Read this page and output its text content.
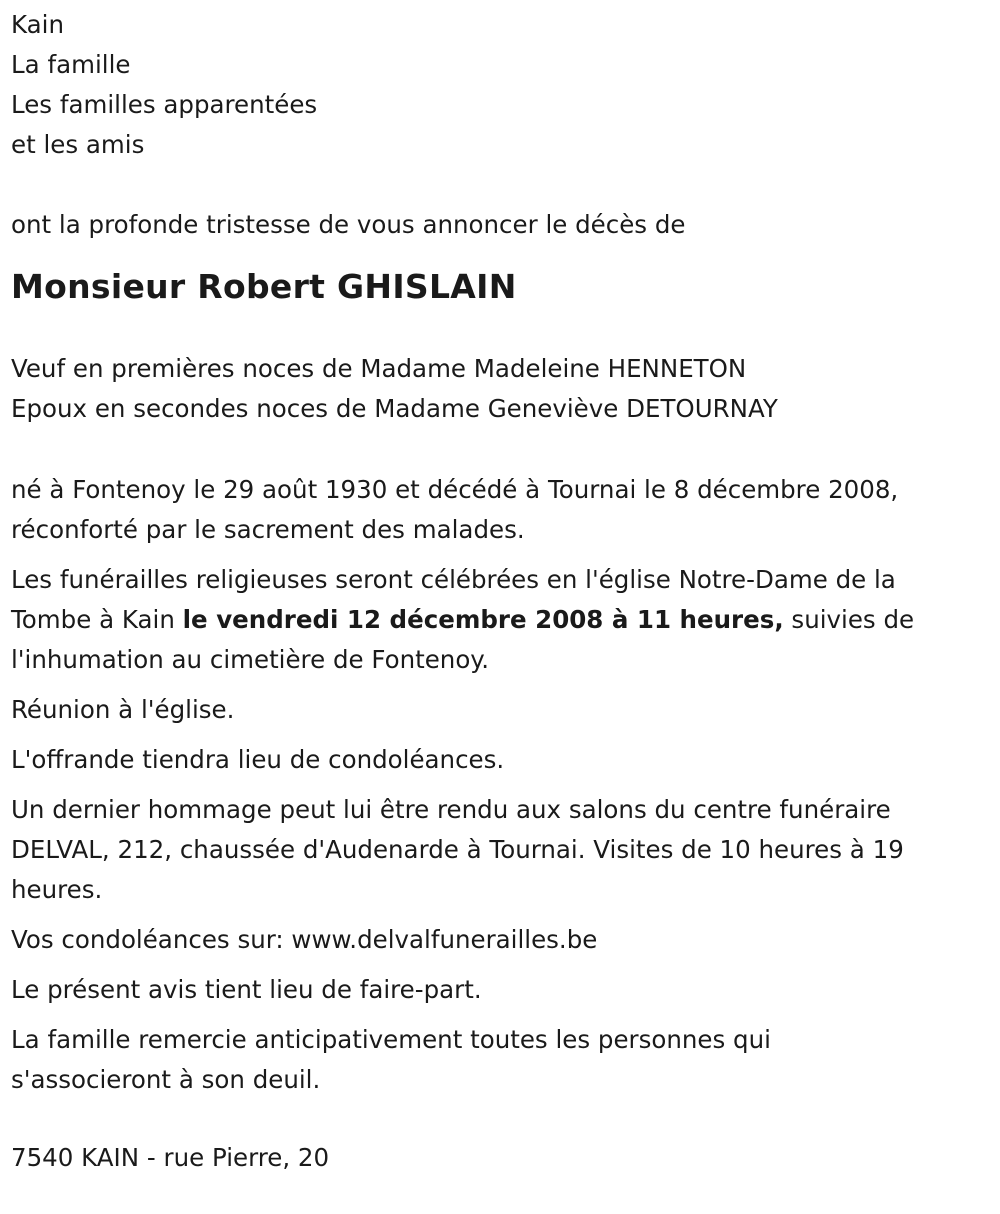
Kain
La famille
Les familles apparentées
et les amis
ont la profonde tristesse de vous annoncer le décès de
Monsieur Robert GHISLAIN
Veuf en premières noces de Madame Madeleine HENNETON
Epoux en secondes noces de Madame Geneviève DETOURNAY
né à Fontenoy le 29 août 1930 et décédé à Tournai le 8 décembre 2008,
réconforté par le sacrement des malades.
Les funérailles religieuses seront célébrées en l'église Notre-Dame de la
Tombe à Kain le vendredi 12 décembre 2008 à 11 heures, suivies de
l'inhumation au cimetière de Fontenoy.
Réunion à l'église.
L'offrande tiendra lieu de condoléances.
Un dernier hommage peut lui être rendu aux salons du centre funéraire
DELVAL, 212, chaussée d'Audenarde à Tournai. Visites de 10 heures à 19
heures.
Vos condoléances sur: www.delvalfunerailles.be
Le présent avis tient lieu de faire-part.
La famille remercie anticipativement toutes les personnes qui
s'associeront à son deuil.
7540 KAIN - rue Pierre, 20
